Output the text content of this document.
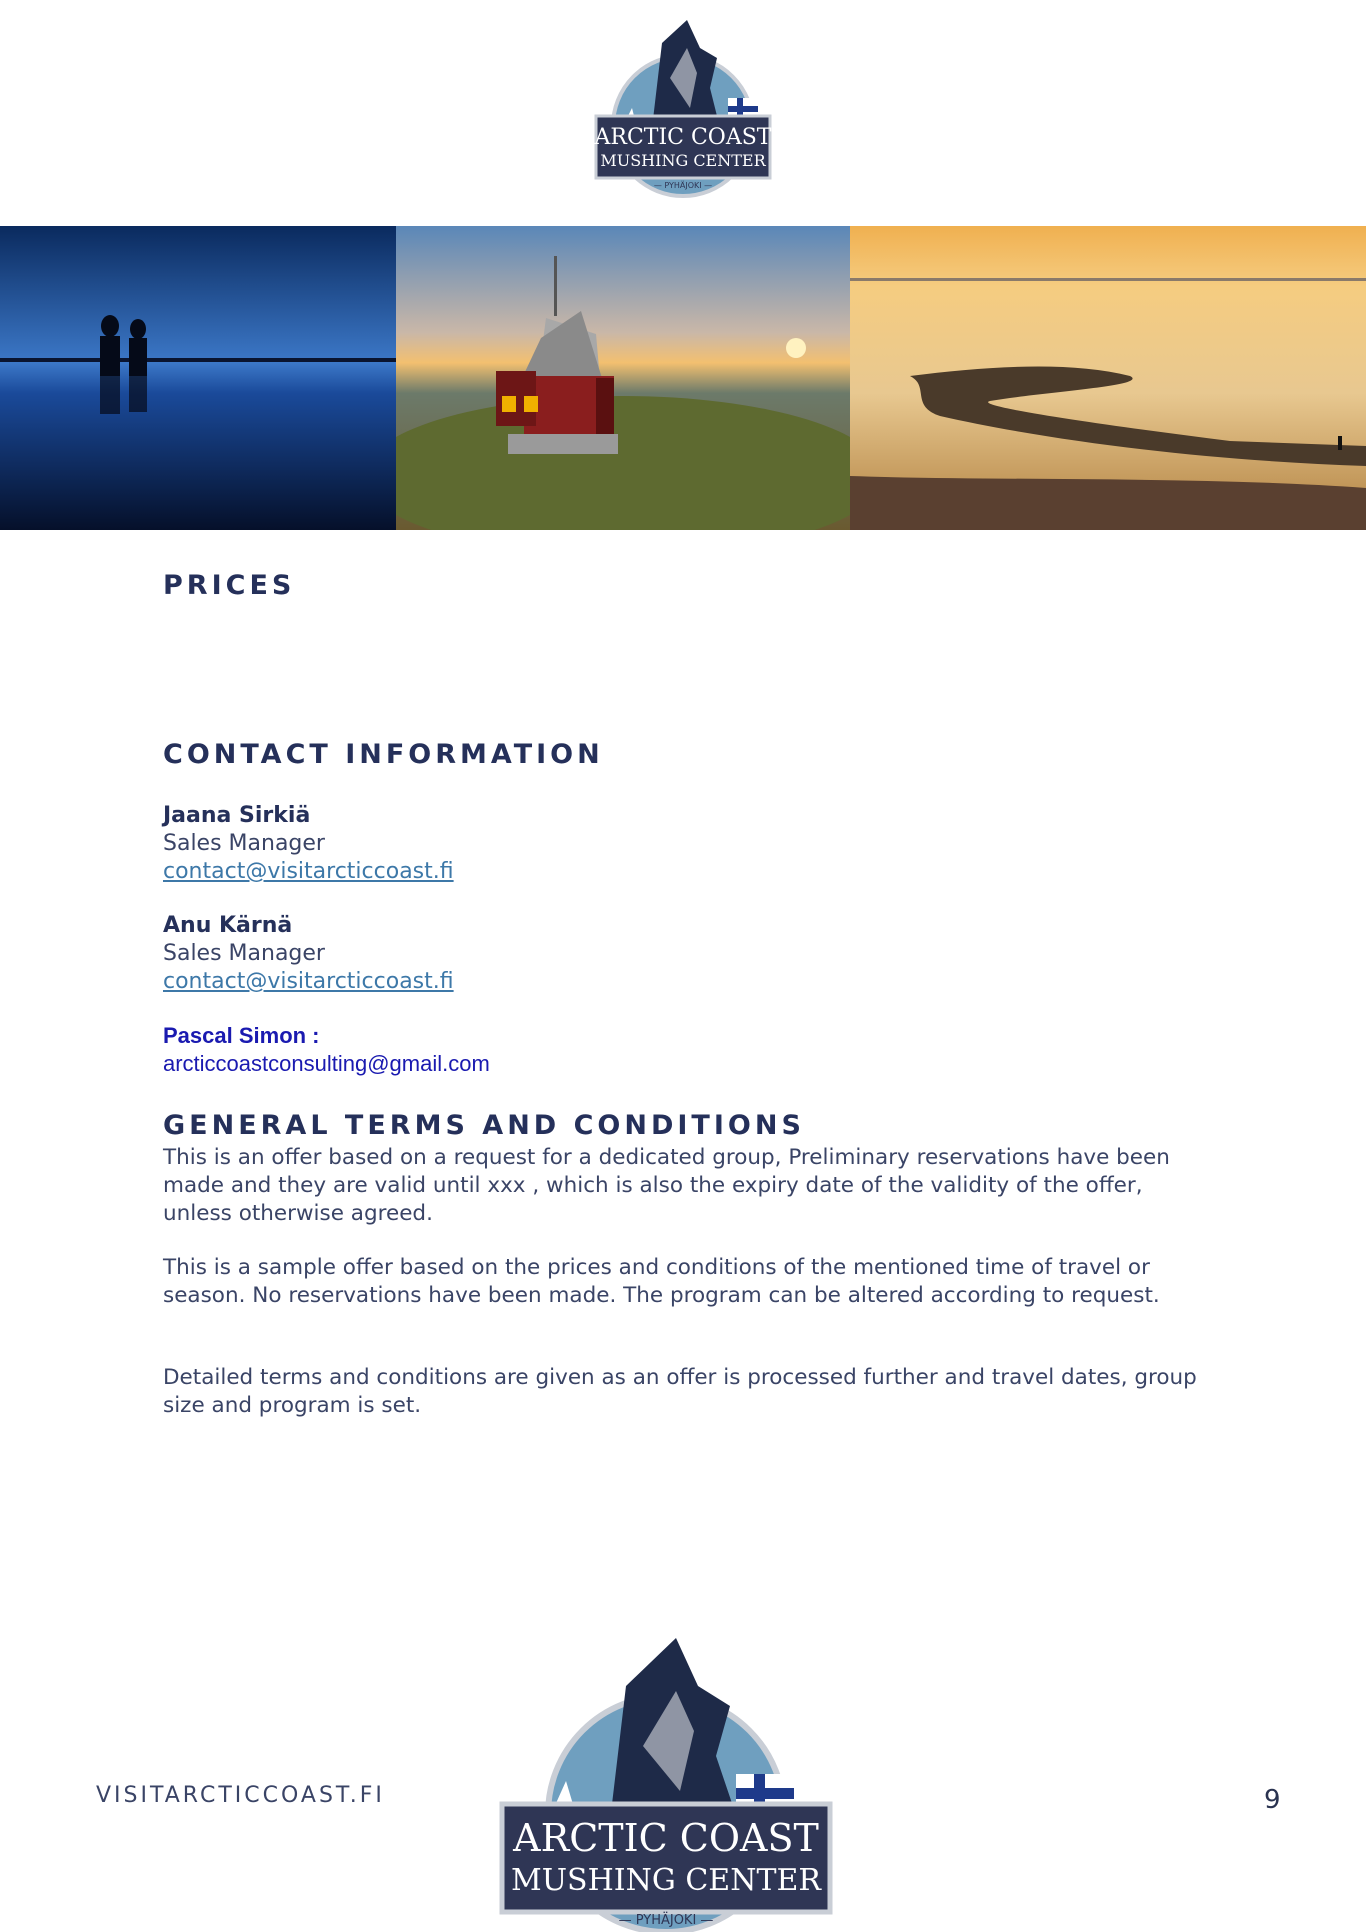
ARCTIC COAST
MUSHING CENTER
— PYHÄJOKI —
PRICES
CONTACT INFORMATION
Jaana Sirkiä
Sales Manager
contact@visitarcticcoast.fi
Anu Kärnä
Sales Manager
contact@visitarcticcoast.fi
Pascal Simon :
arcticcoastconsulting@gmail.com
GENERAL TERMS AND CONDITIONS
This is an offer based on a request for a dedicated group, Preliminary reservations have been made and they are valid until xxx , which is also the expiry date of the validity of the offer, unless otherwise agreed.
This is a sample offer based on the prices and conditions of the mentioned time of travel or season. No reservations have been made. The program can be altered according to request.
Detailed terms and conditions are given as an offer is processed further and travel dates, group size and program is set.
VISITARCTICCOAST.FI
ARCTIC COAST
MUSHING CENTER
— PYHÄJOKI —
9
